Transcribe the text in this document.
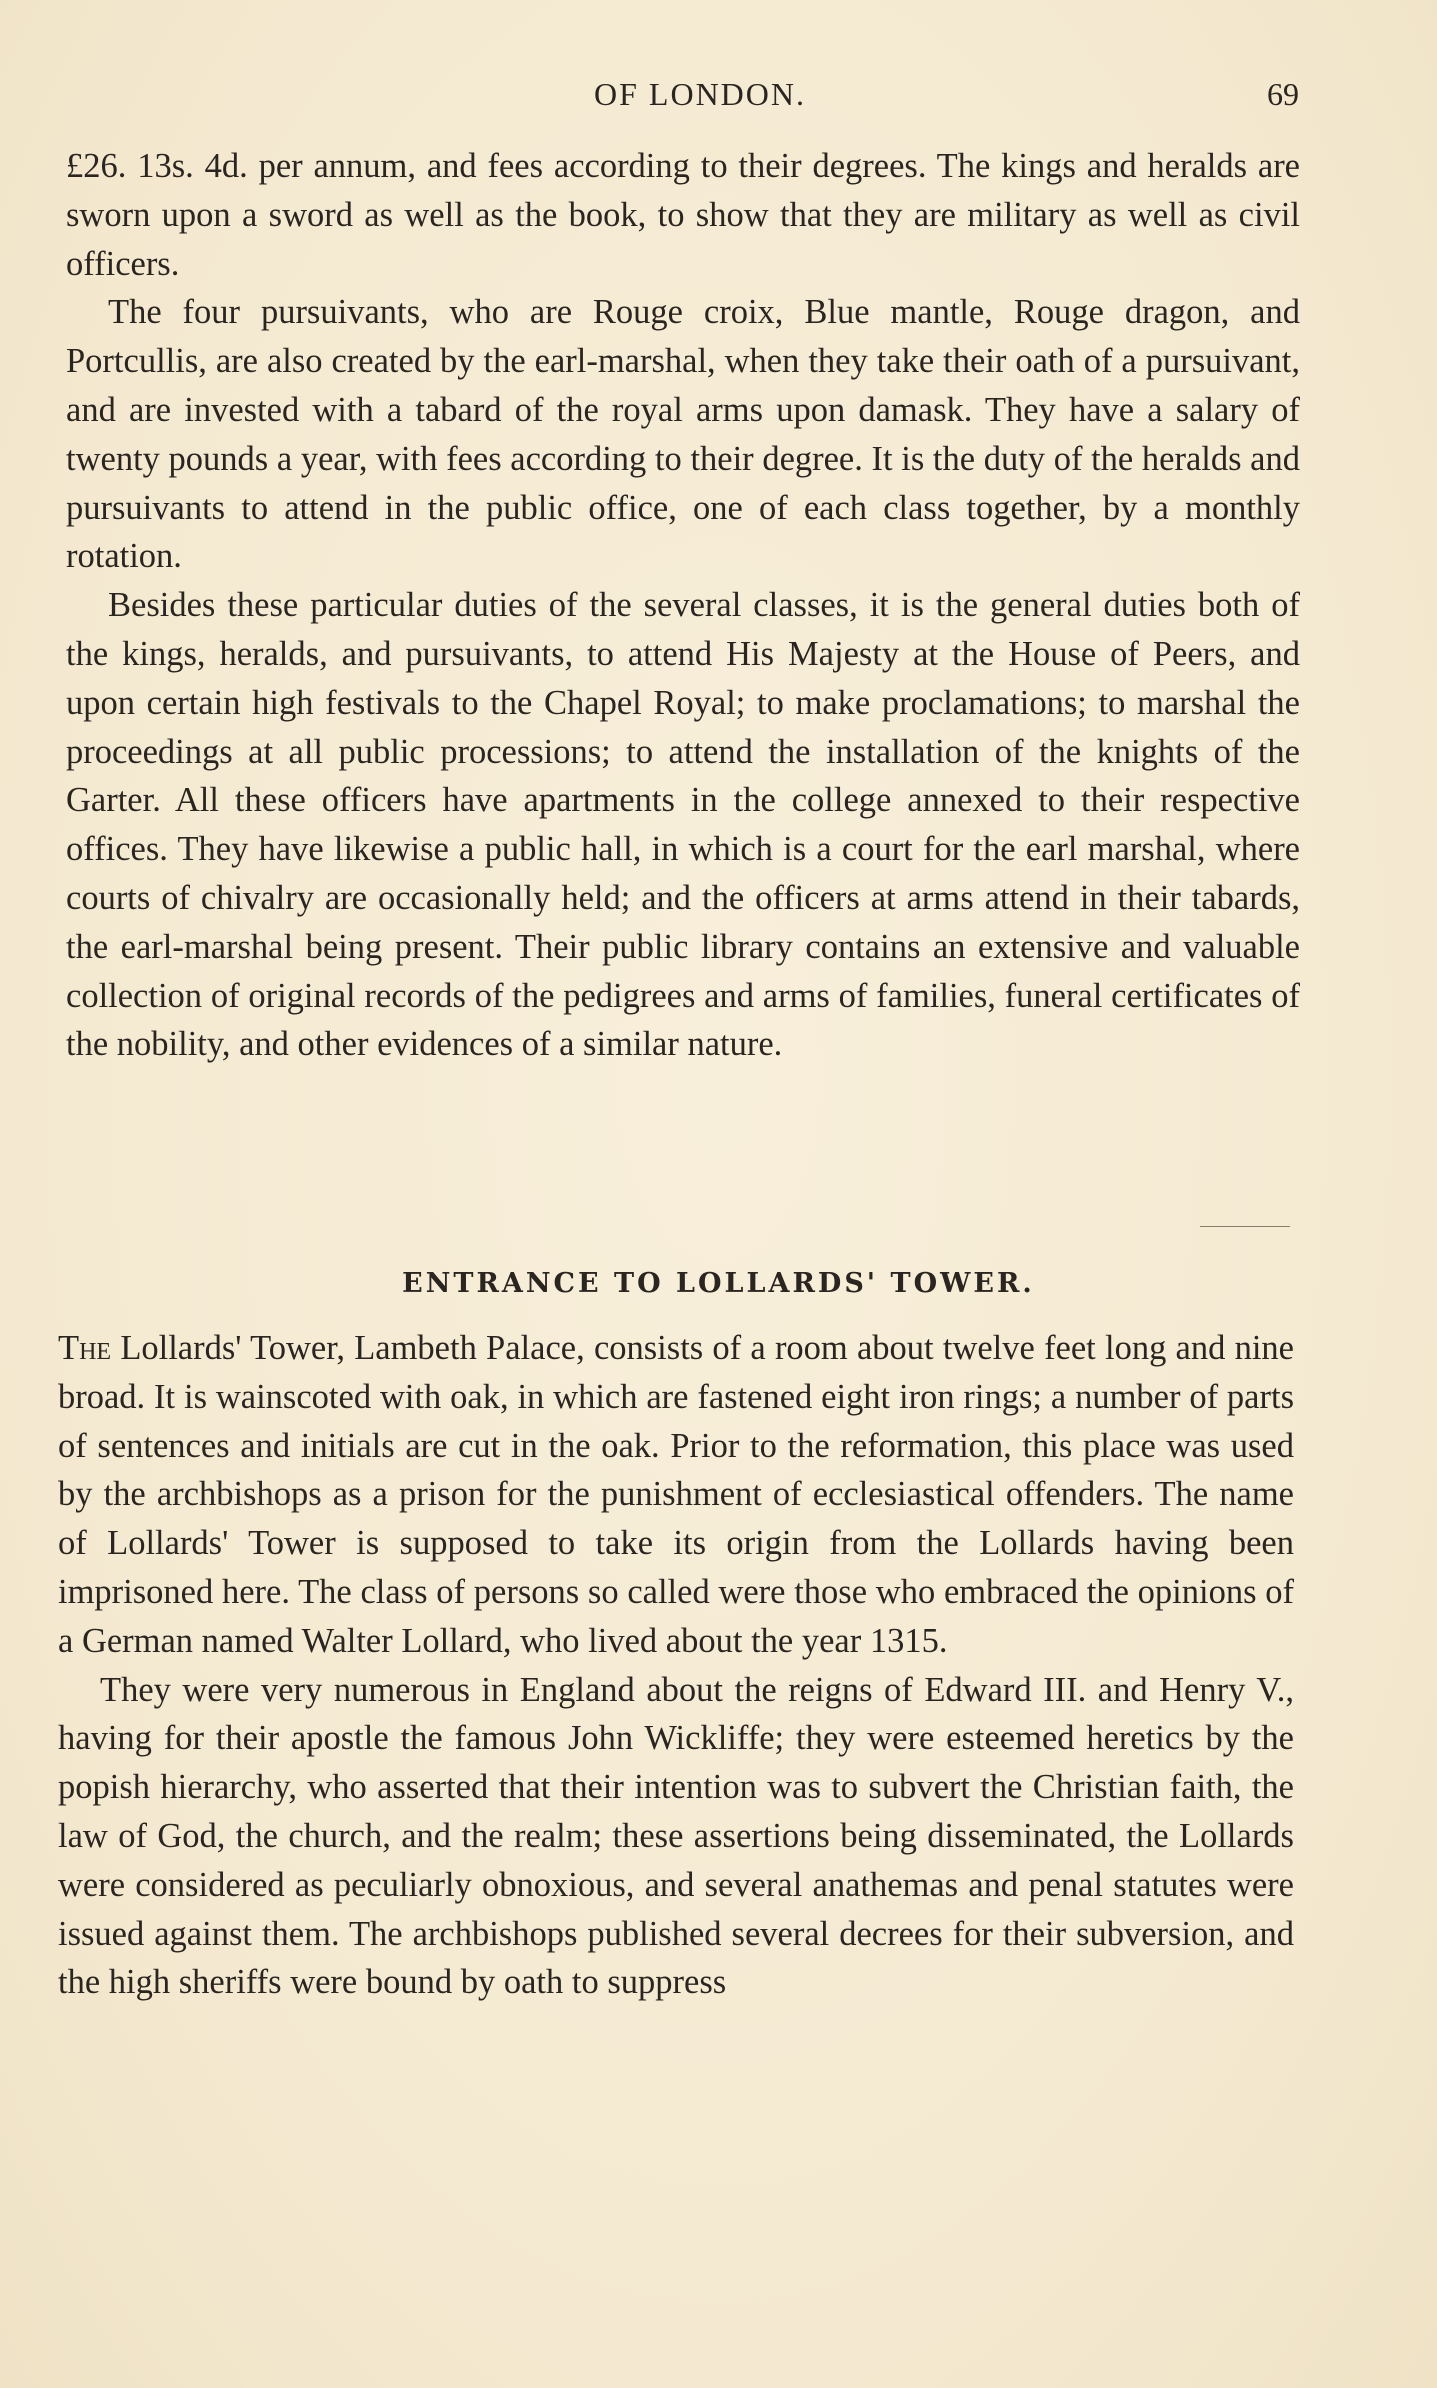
OF LONDON.	69

£26. 13s. 4d. per annum, and fees according to their degrees. The kings and heralds are sworn upon a sword as well as the book, to show that they are military as well as civil officers.

The four pursuivants, who are Rouge croix, Blue mantle, Rouge dragon, and Portcullis, are also created by the earl-marshal, when they take their oath of a pursuivant, and are invested with a tabard of the royal arms upon damask. They have a salary of twenty pounds a year, with fees according to their degree. It is the duty of the heralds and pursuivants to attend in the public office, one of each class together, by a monthly rotation.

Besides these particular duties of the several classes, it is the general duties both of the kings, heralds, and pursuivants, to attend His Majesty at the House of Peers, and upon certain high festivals to the Chapel Royal; to make proclamations; to marshal the proceedings at all public processions; to attend the installation of the knights of the Garter. All these officers have apartments in the college annexed to their respective offices. They have likewise a public hall, in which is a court for the earl marshal, where courts of chivalry are occasionally held; and the officers at arms attend in their tabards, the earl-marshal being present. Their public library contains an extensive and valuable collection of original records of the pedigrees and arms of families, funeral certificates of the nobility, and other evidences of a similar nature.

ENTRANCE TO LOLLARDS' TOWER.

The Lollards' Tower, Lambeth Palace, consists of a room about twelve feet long and nine broad. It is wainscoted with oak, in which are fastened eight iron rings; a number of parts of sentences and initials are cut in the oak. Prior to the reformation, this place was used by the archbishops as a prison for the punishment of ecclesiastical offenders. The name of Lollards' Tower is supposed to take its origin from the Lollards having been imprisoned here. The class of persons so called were those who embraced the opinions of a German named Walter Lollard, who lived about the year 1315.

They were very numerous in England about the reigns of Edward III. and Henry V., having for their apostle the famous John Wickliffe; they were esteemed heretics by the popish hierarchy, who asserted that their intention was to subvert the Christian faith, the law of God, the church, and the realm; these assertions being disseminated, the Lollards were considered as peculiarly obnoxious, and several anathemas and penal statutes were issued against them. The archbishops published several decrees for their subversion, and the high sheriffs were bound by oath to suppress
